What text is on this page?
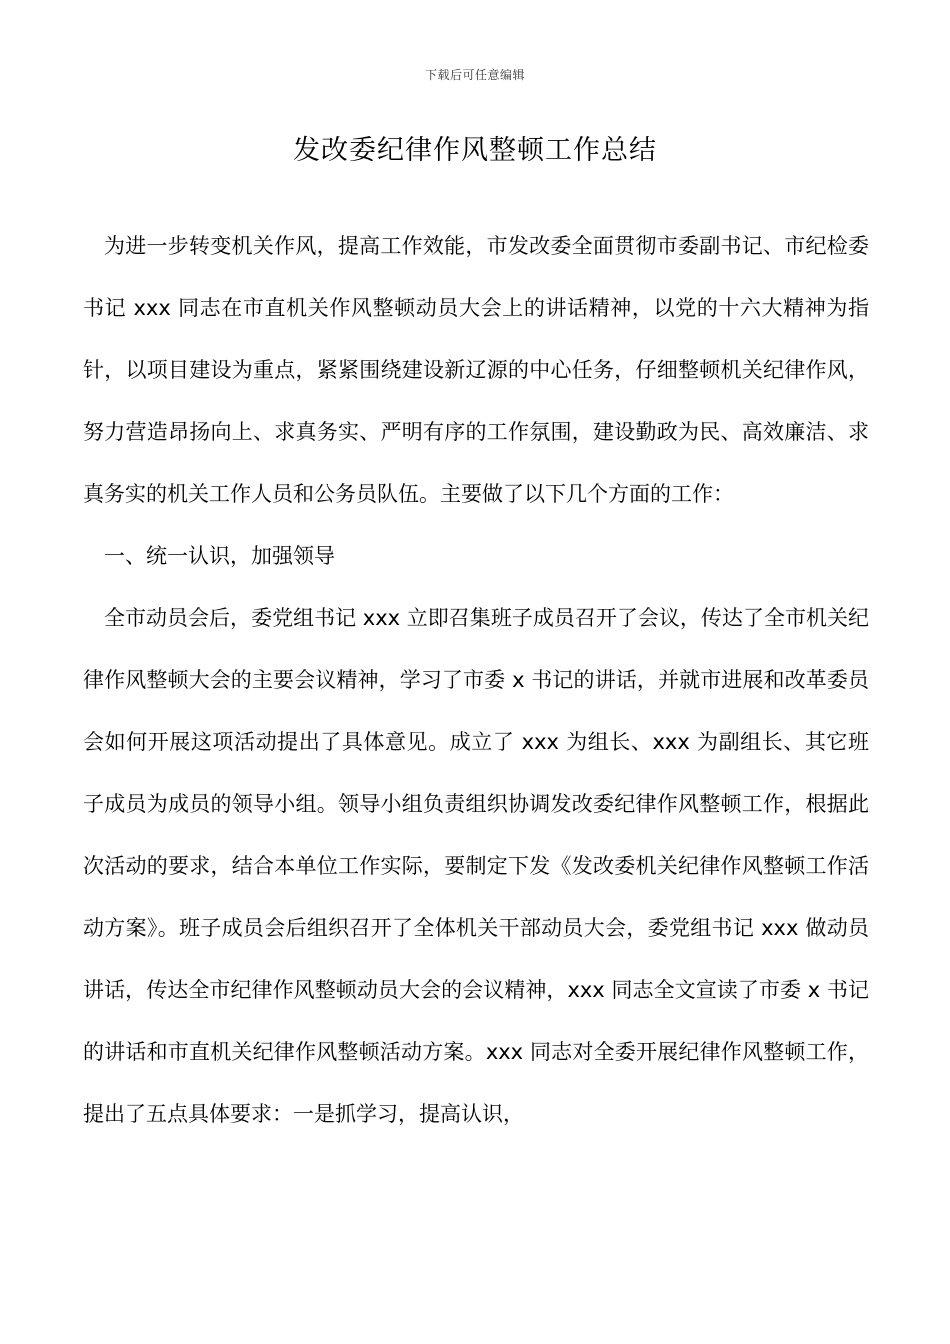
下载后可任意编辑
发改委纪律作风整顿工作总结

为进一步转变机关作风，提高工作效能，市发改委全面贯彻市委副书记、市纪检委书记 xxx 同志在市直机关作风整顿动员大会上的讲话精神，以党的十六大精神为指针，以项目建设为重点，紧紧围绕建设新辽源的中心任务，仔细整顿机关纪律作风，努力营造昂扬向上、求真务实、严明有序的工作氛围，建设勤政为民、高效廉洁、求真务实的机关工作人员和公务员队伍。主要做了以下几个方面的工作：

一、统一认识，加强领导

全市动员会后，委党组书记 xxx 立即召集班子成员召开了会议，传达了全市机关纪律作风整顿大会的主要会议精神，学习了市委 x 书记的讲话，并就市进展和改革委员会如何开展这项活动提出了具体意见。成立了 xxx 为组长、xxx 为副组长、其它班子成员为成员的领导小组。领导小组负责组织协调发改委纪律作风整顿工作，根据此次活动的要求，结合本单位工作实际，要制定下发《发改委机关纪律作风整顿工作活动方案》。班子成员会后组织召开了全体机关干部动员大会，委党组书记 xxx 做动员讲话，传达全市纪律作风整顿动员大会的会议精神，xxx 同志全文宣读了市委 x 书记的讲话和市直机关纪律作风整顿活动方案。xxx 同志对全委开展纪律作风整顿工作，提出了五点具体要求：一是抓学习，提高认识，
